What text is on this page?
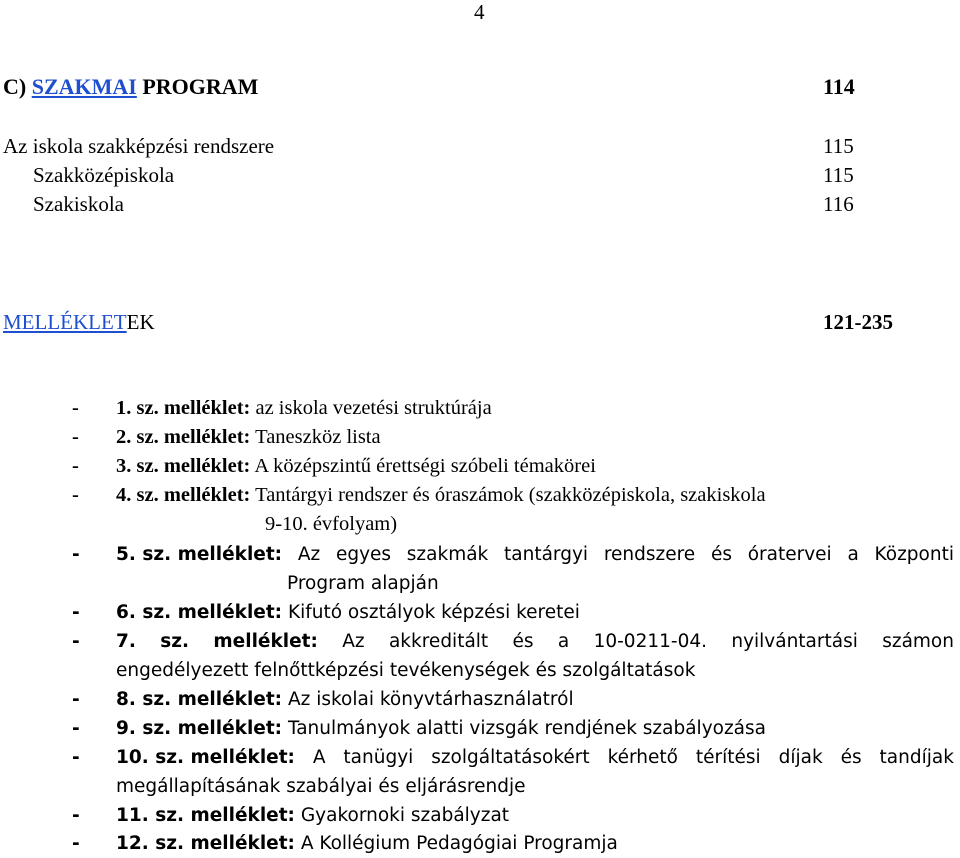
4
C) SZAKMAI PROGRAM	114
Az iskola szakképzési rendszere	115
Szakközépiskola	115
Szakiskola	116
MELLÉKLETEK	121-235
- 1. sz. melléklet: az iskola vezetési struktúrája
- 2. sz. melléklet: Taneszköz lista
- 3. sz. melléklet: A középszintű érettségi szóbeli témakörei
- 4. sz. melléklet: Tantárgyi rendszer és óraszámok (szakközépiskola, szakiskola
9-10. évfolyam)
- 5. sz. melléklet: Az egyes szakmák tantárgyi rendszere és óratervei a Központi
Program alapján
- 6. sz. melléklet: Kifutó osztályok képzési keretei
- 7. sz. melléklet: Az akkreditált és a 10-0211-04. nyilvántartási számon
engedélyezett felnőttképzési tevékenységek és szolgáltatások
- 8. sz. melléklet: Az iskolai könyvtárhasználatról
- 9. sz. melléklet: Tanulmányok alatti vizsgák rendjének szabályozása
- 10. sz. melléklet: A tanügyi szolgáltatásokért kérhető térítési díjak és tandíjak
megállapításának szabályai és eljárásrendje
- 11. sz. melléklet: Gyakornoki szabályzat
- 12. sz. melléklet: A Kollégium Pedagógiai Programja
